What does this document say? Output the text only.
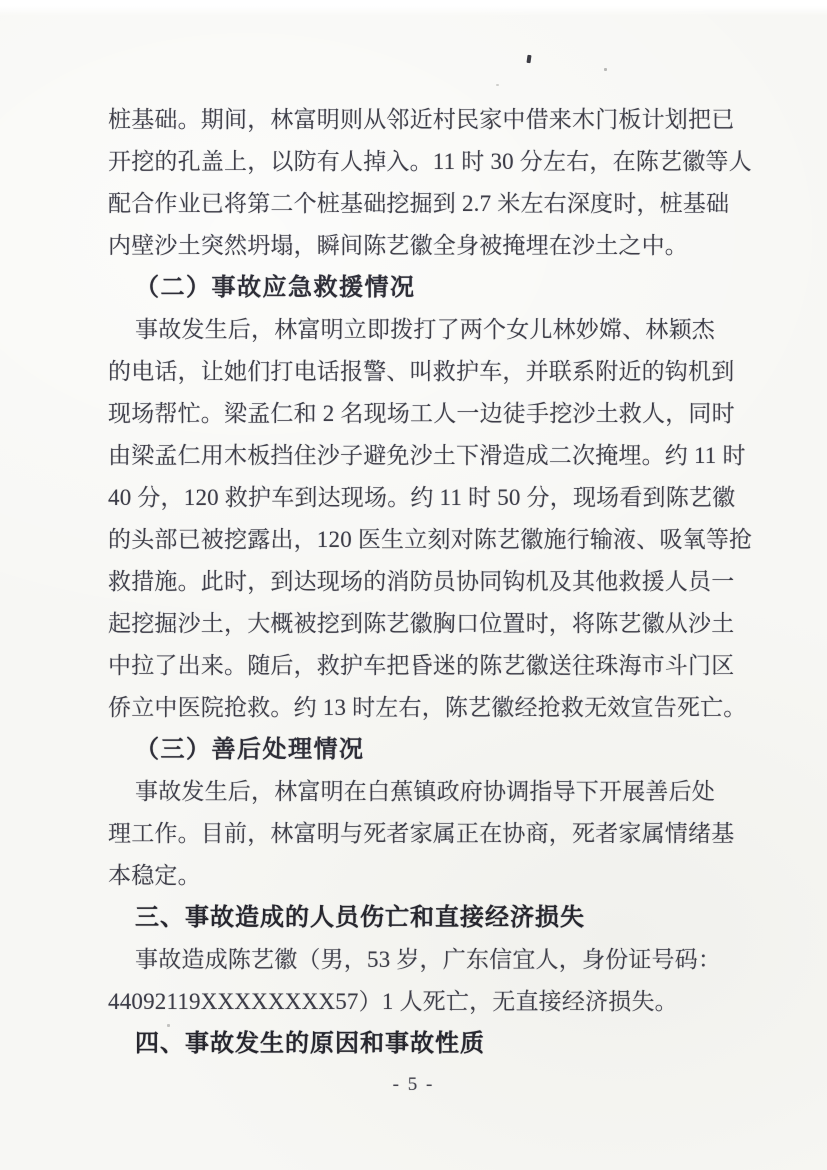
桩基础。期间，林富明则从邻近村民家中借来木门板计划把已
开挖的孔盖上，以防有人掉入。11 时 30 分左右，在陈艺徽等人
配合作业已将第二个桩基础挖掘到 2.7 米左右深度时，桩基础
内壁沙土突然坍塌，瞬间陈艺徽全身被掩埋在沙土之中。
（二）事故应急救援情况
事故发生后，林富明立即拨打了两个女儿林妙嫦、林颖杰
的电话，让她们打电话报警、叫救护车，并联系附近的钩机到
现场帮忙。梁孟仁和 2 名现场工人一边徒手挖沙土救人，同时
由梁孟仁用木板挡住沙子避免沙土下滑造成二次掩埋。约 11 时
40 分，120 救护车到达现场。约 11 时 50 分，现场看到陈艺徽
的头部已被挖露出，120 医生立刻对陈艺徽施行输液、吸氧等抢
救措施。此时，到达现场的消防员协同钩机及其他救援人员一
起挖掘沙土，大概被挖到陈艺徽胸口位置时，将陈艺徽从沙土
中拉了出来。随后，救护车把昏迷的陈艺徽送往珠海市斗门区
侨立中医院抢救。约 13 时左右，陈艺徽经抢救无效宣告死亡。
（三）善后处理情况
事故发生后，林富明在白蕉镇政府协调指导下开展善后处
理工作。目前，林富明与死者家属正在协商，死者家属情绪基
本稳定。
三、事故造成的人员伤亡和直接经济损失
事故造成陈艺徽（男，53 岁，广东信宜人，身份证号码：
44092119XXXXXXXX57）1 人死亡，无直接经济损失。
四、事故发生的原因和事故性质
- 5 -
